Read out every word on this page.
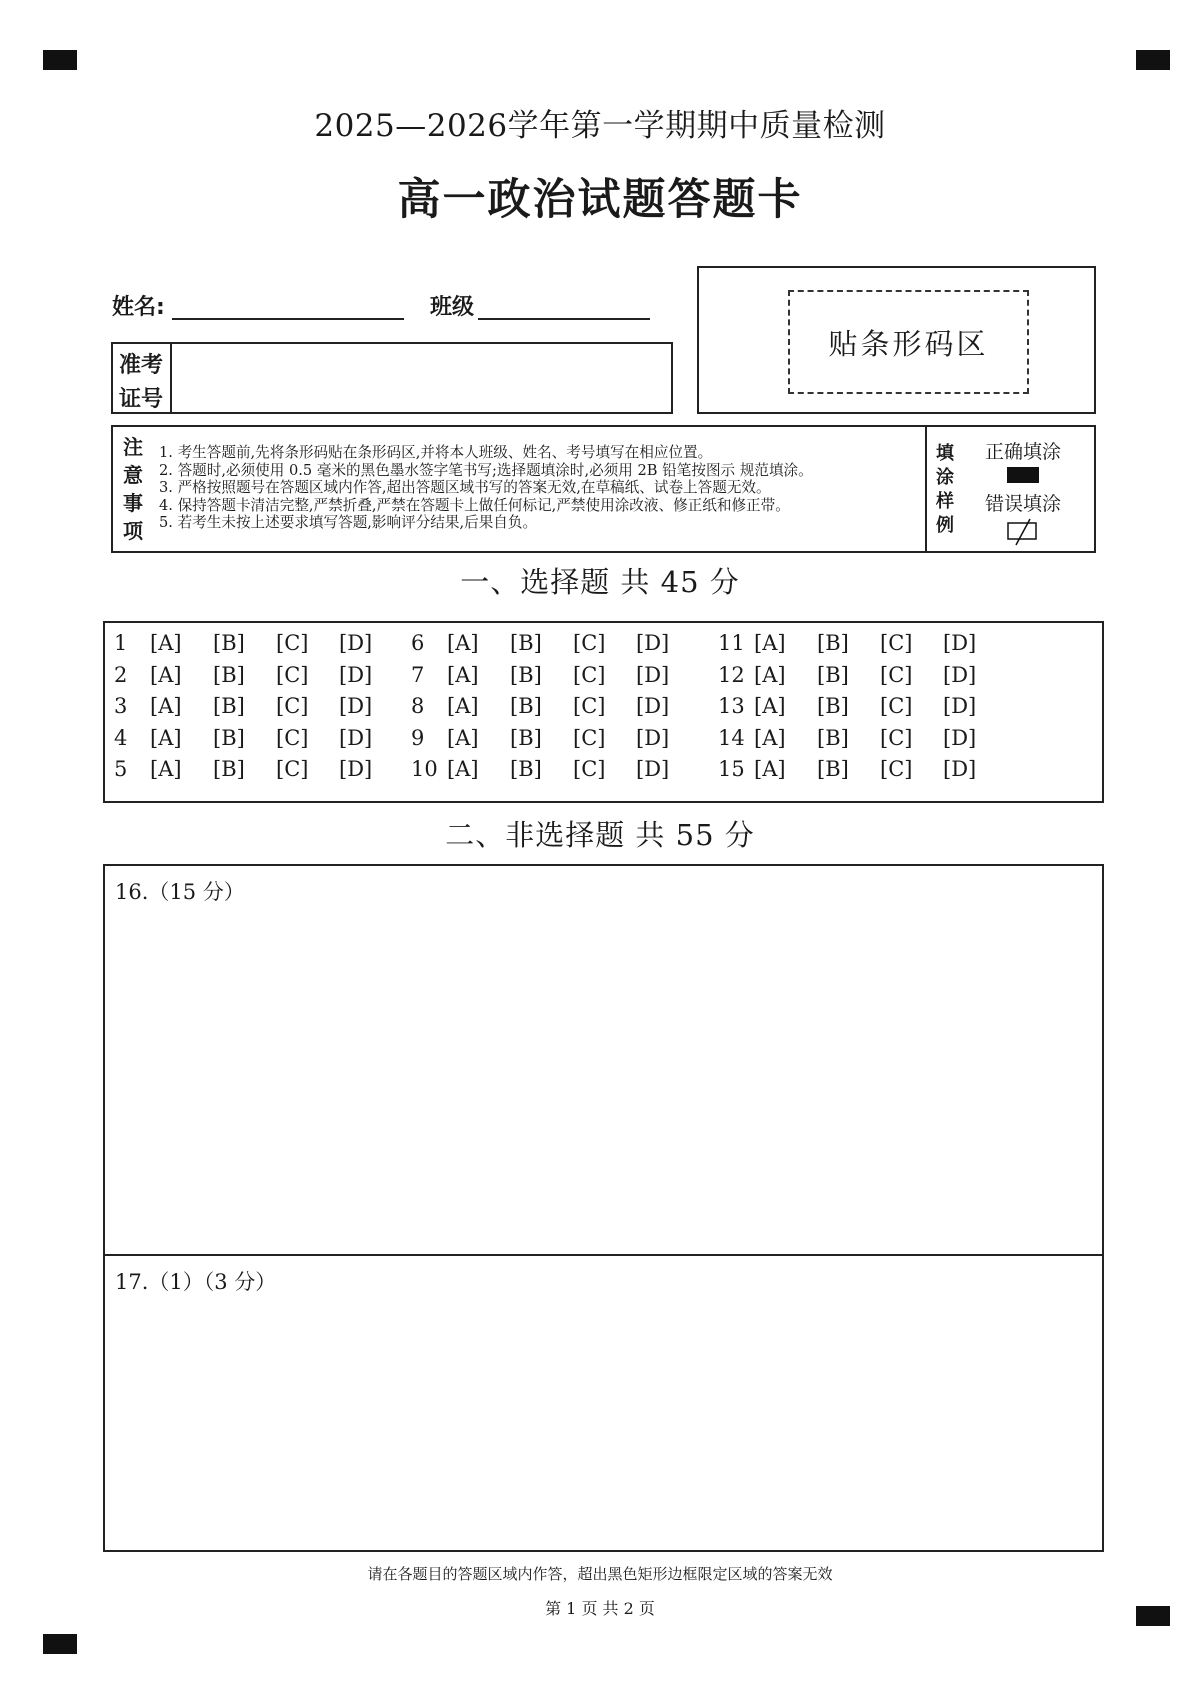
2025—2026学年第一学期期中质量检测
高一政治试题答题卡
姓名:	班级
准考
证号
贴条形码区
注
意
事
项
1. 考生答题前,先将条形码贴在条形码区,并将本人班级、姓名、考号填写在相应位置。
2. 答题时,必须使用 0.5 毫米的黑色墨水签字笔书写;选择题填涂时,必须用 2B 铅笔按图示 规范填涂。
3. 严格按照题号在答题区域内作答,超出答题区域书写的答案无效,在草稿纸、试卷上答题无效。
4. 保持答题卡清洁完整,严禁折叠,严禁在答题卡上做任何标记,严禁使用涂改液、修正纸和修正带。
5. 若考生未按上述要求填写答题,影响评分结果,后果自负。
填
涂
样
例
正确填涂
错误填涂
一、选择题 共 45 分
1 [A] [B] [C] [D]
2 [A] [B] [C] [D]
3 [A] [B] [C] [D]
4 [A] [B] [C] [D]
5 [A] [B] [C] [D]
6 [A] [B] [C] [D]
7 [A] [B] [C] [D]
8 [A] [B] [C] [D]
9 [A] [B] [C] [D]
10 [A] [B] [C] [D]
11 [A] [B] [C] [D]
12 [A] [B] [C] [D]
13 [A] [B] [C] [D]
14 [A] [B] [C] [D]
15 [A] [B] [C] [D]
二、非选择题 共 55 分
16.（15 分）
17.（1）（3 分）
请在各题目的答题区域内作答，超出黑色矩形边框限定区域的答案无效
第 1 页 共 2 页
